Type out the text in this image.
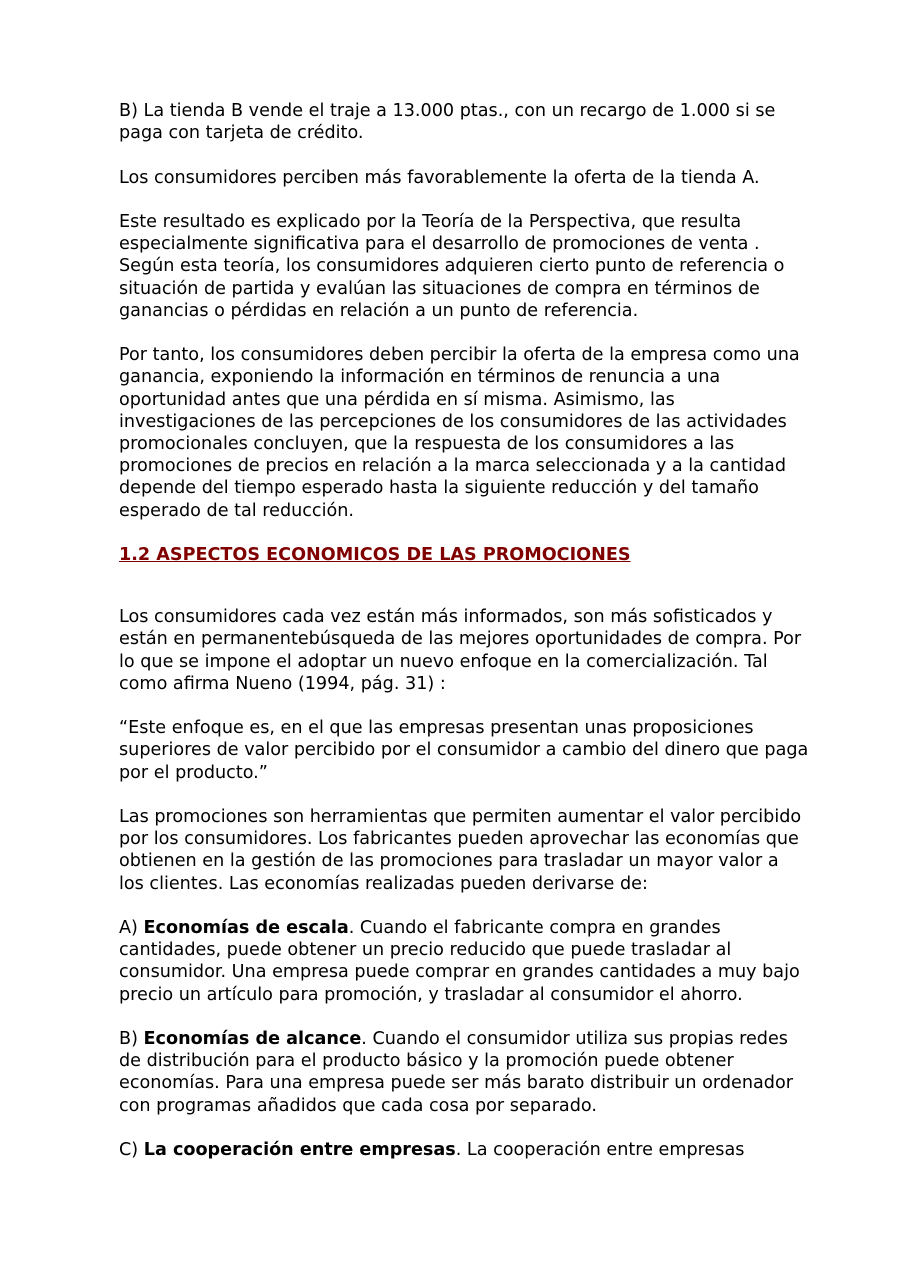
B) La tienda B vende el traje a 13.000 ptas., con un recargo de 1.000 si se paga con tarjeta de crédito.

Los consumidores perciben más favorablemente la oferta de la tienda A.

Este resultado es explicado por la Teoría de la Perspectiva, que resulta especialmente significativa para el desarrollo de promociones de venta . Según esta teoría, los consumidores adquieren cierto punto de referencia o situación de partida y evalúan las situaciones de compra en términos de ganancias o pérdidas en relación a un punto de referencia.

Por tanto, los consumidores deben percibir la oferta de la empresa como una ganancia, exponiendo la información en términos de renuncia a una oportunidad antes que una pérdida en sí misma. Asimismo, las investigaciones de las percepciones de los consumidores de las actividades promocionales concluyen, que la respuesta de los consumidores a las promociones de precios en relación a la marca seleccionada y a la cantidad depende del tiempo esperado hasta la siguiente reducción y del tamaño esperado de tal reducción.

1.2 ASPECTOS ECONOMICOS DE LAS PROMOCIONES

Los consumidores cada vez están más informados, son más sofisticados y están en permanentebúsqueda de las mejores oportunidades de compra. Por lo que se impone el adoptar un nuevo enfoque en la comercialización. Tal como afirma Nueno (1994, pág. 31) :

“Este enfoque es, en el que las empresas presentan unas proposiciones superiores de valor percibido por el consumidor a cambio del dinero que paga por el producto.”

Las promociones son herramientas que permiten aumentar el valor percibido por los consumidores. Los fabricantes pueden aprovechar las economías que obtienen en la gestión de las promociones para trasladar un mayor valor a los clientes. Las economías realizadas pueden derivarse de:

A) Economías de escala. Cuando el fabricante compra en grandes cantidades, puede obtener un precio reducido que puede trasladar al consumidor. Una empresa puede comprar en grandes cantidades a muy bajo precio un artículo para promoción, y trasladar al consumidor el ahorro.

B) Economías de alcance. Cuando el consumidor utiliza sus propias redes de distribución para el producto básico y la promoción puede obtener economías. Para una empresa puede ser más barato distribuir un ordenador con programas añadidos que cada cosa por separado.

C) La cooperación entre empresas. La cooperación entre empresas
